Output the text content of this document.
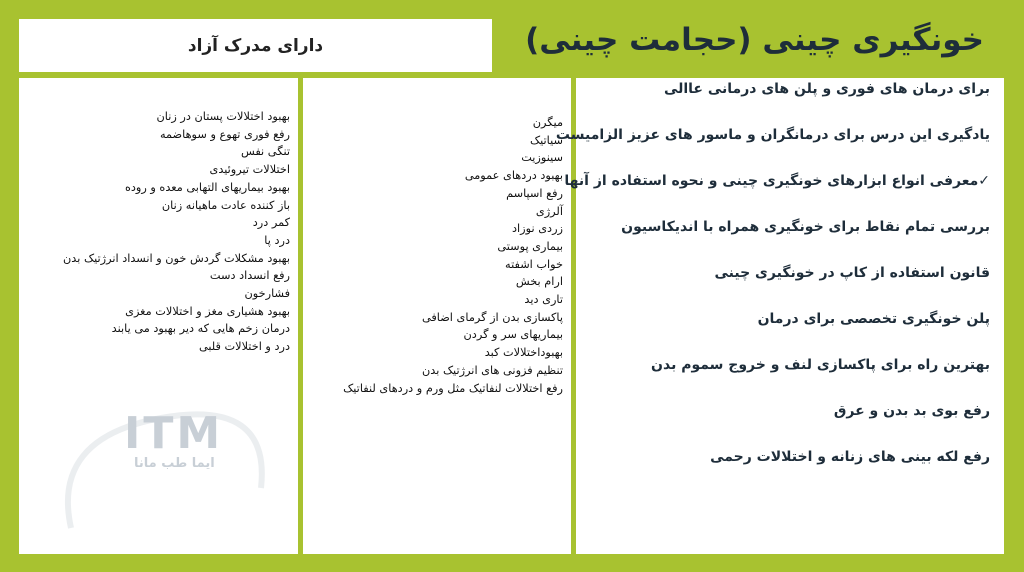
دارای مدرک آزاد	خونگیری چینی (حجامت چینی)
ITM
ایما طب مانا
بهبود اختلالات پستان در زنان
رفع فوری تهوع و سوهاضمه
تنگی نفس
اختلالات تیروئیدی
بهبود بیماریهای التهابی معده و روده
باز کننده عادت ماهیانه زنان
کمر درد
درد پا
بهبود مشکلات گردش خون و انسداد انرژتیک بدن
رفع انسداد دست
فشارخون
بهبود هشیاری مغز و اختلالات مغزی
درمان زخم هایی که دیر بهبود می یابند
درد و اختلالات قلبی
میگرن
سیاتیک
سینوزیت
بهبود دردهای عمومی
رفع اسپاسم
آلرژی
زردی نوزاد
بیماری پوستی
خواب اشفته
ارام بخش
تاری دید
پاکسازی بدن از گرمای اضافی
بیماریهای سر و گردن
بهبوداختلالات کبد
تنظیم فزونی های انرژتیک بدن
رفع اختلالات لنفاتیک مثل ورم و دردهای لنفاتیک
برای درمان های فوری و پلن های درمانی عاالی
یادگیری این درس برای درمانگران و ماسور های عزیز الزامیست
✓معرفی انواع ابزارهای خونگیری چینی و نحوه استفاده از آنها
بررسی تمام نقاط برای خونگیری همراه با اندیکاسیون
قانون استفاده از کاپ در خونگیری چینی
پلن خونگیری تخصصی برای درمان
بهترین راه برای پاکسازی لنف و خروج سموم بدن
رفع بوی بد بدن و عرق
رفع لکه بینی های زنانه و اختلالات رحمی
